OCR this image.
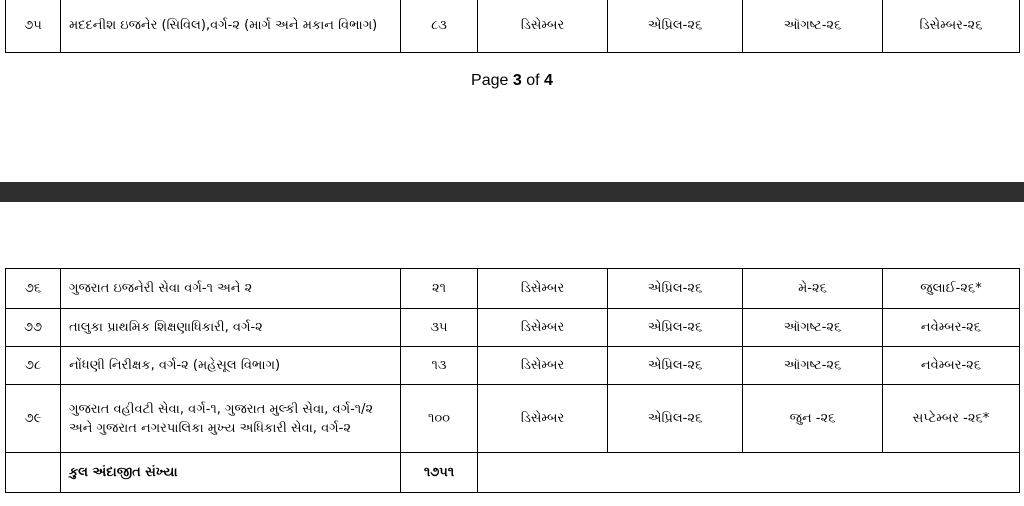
૭૫	મદદનીશ ઇજનેર (સિવિલ),વર્ગ-૨ (માર્ગ અને મકાન વિભાગ)	૮૩	ડિસેમ્બર	એપ્રિલ-૨૬	ઑગષ્ટ-૨૬	ડિસેમ્બર-૨૬
Page 3 of 4
૭૬	ગુજરાત ઇજનેરી સેવા વર્ગ-૧ અને ૨	૨૧	ડિસેમ્બર	એપ્રિલ-૨૬	મે-૨૬	જુલાઈ-૨૬*
૭૭	તાલુકા પ્રાથમિક શિક્ષણાધિકારી, વર્ગ-૨	૩૫	ડિસેમ્બર	એપ્રિલ-૨૬	ઑગષ્ટ-૨૬	નવેમ્બર-૨૬
૭૮	નોંધણી નિરીક્ષક, વર્ગ-૨ (મહેસૂલ વિભાગ)	૧૩	ડિસેમ્બર	એપ્રિલ-૨૬	ઑગષ્ટ-૨૬	નવેમ્બર-૨૬
૭૯	ગુજરાત વહીવટી સેવા, વર્ગ-૧, ગુજરાત મુલ્કી સેવા, વર્ગ-૧/૨ અને ગુજરાત નગરપાલિકા મુખ્ય અધિકારી સેવા, વર્ગ-૨	૧૦૦	ડિસેમ્બર	એપ્રિલ-૨૬	જુન -૨૬	સપ્ટેમ્બર -૨૬*
	કુલ અંદાજીત સંખ્યા	૧૭૫૧				
